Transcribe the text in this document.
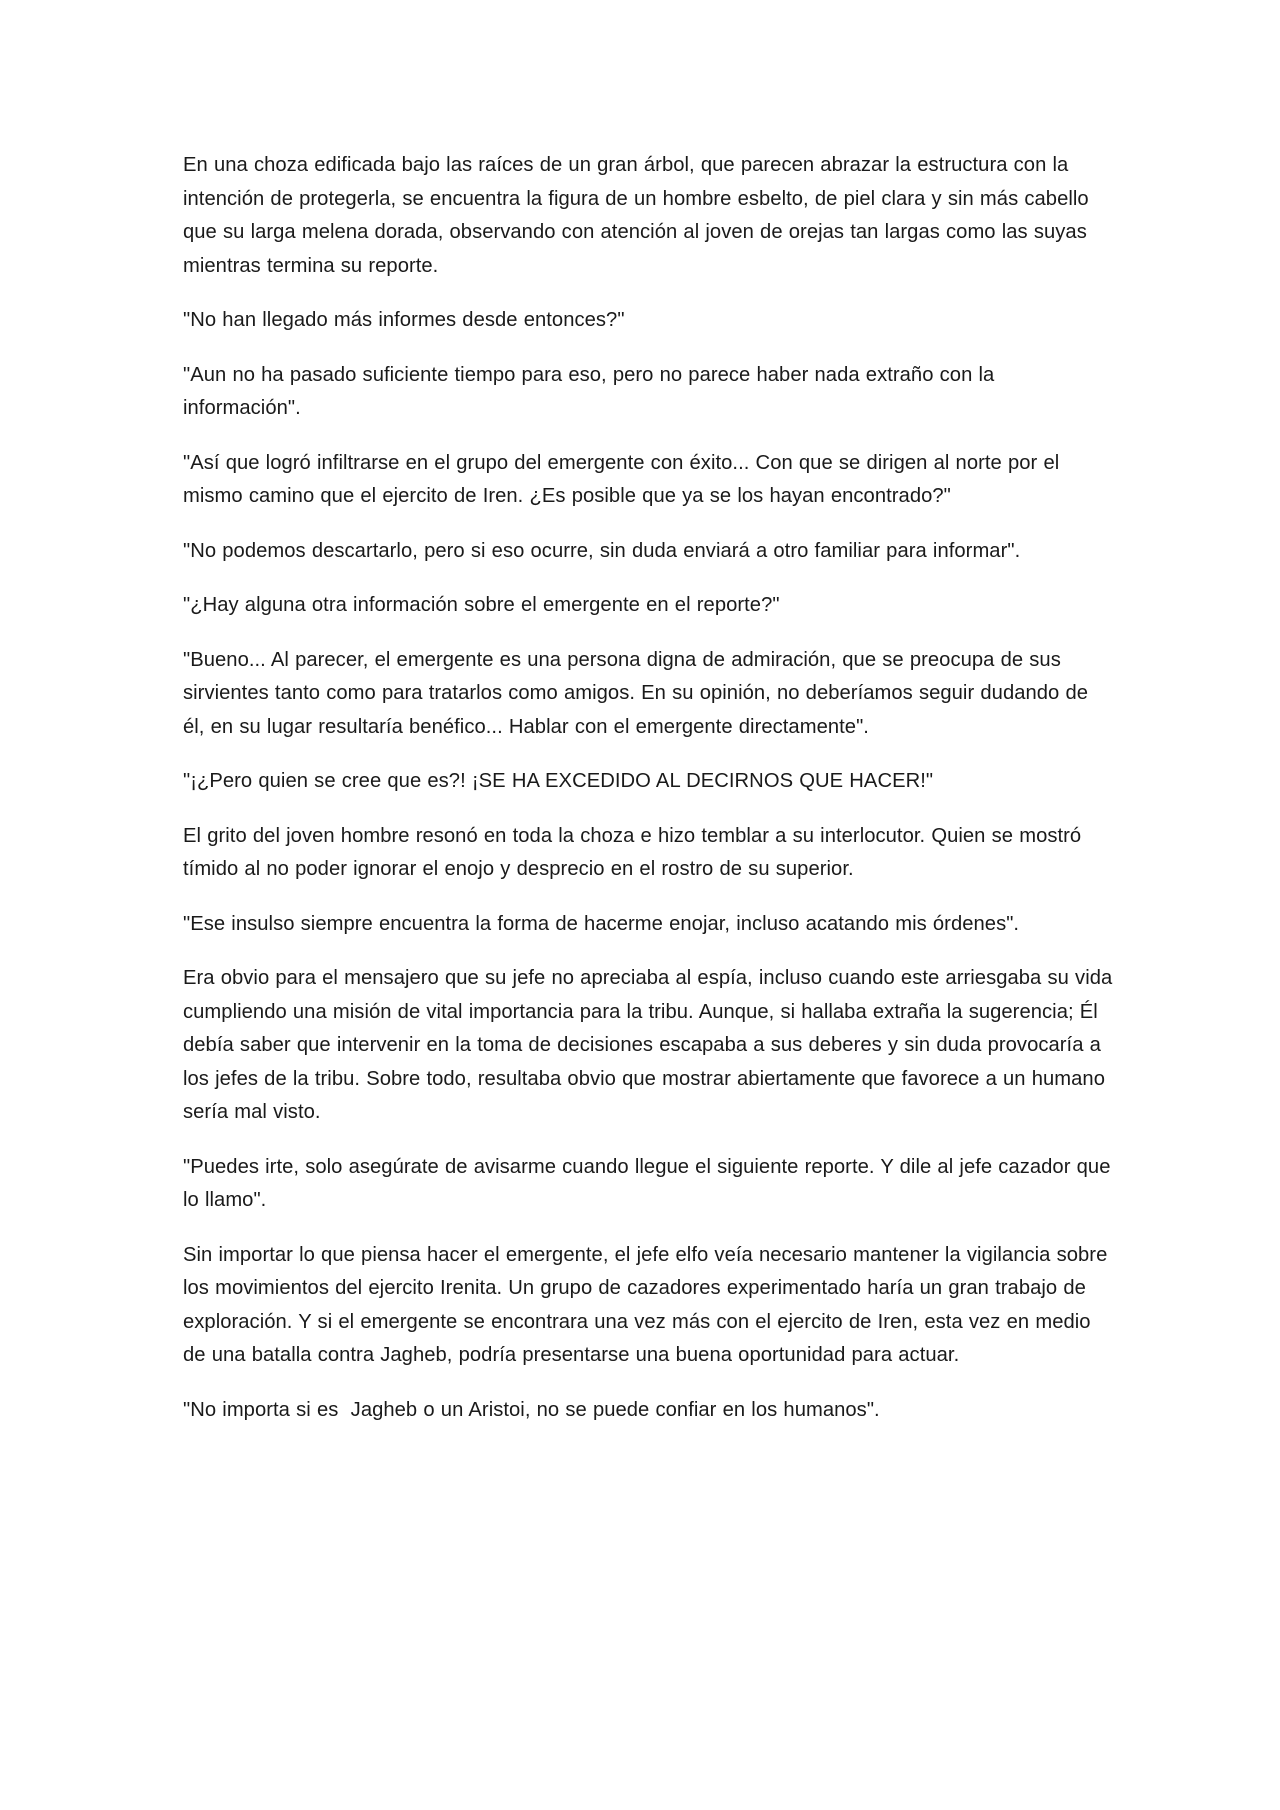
En una choza edificada bajo las raíces de un gran árbol, que parecen abrazar la estructura con la intención de protegerla, se encuentra la figura de un hombre esbelto, de piel clara y sin más cabello que su larga melena dorada, observando con atención al joven de orejas tan largas como las suyas mientras termina su reporte.

"No han llegado más informes desde entonces?"

"Aun no ha pasado suficiente tiempo para eso, pero no parece haber nada extraño con la información".

"Así que logró infiltrarse en el grupo del emergente con éxito... Con que se dirigen al norte por el mismo camino que el ejercito de Iren. ¿Es posible que ya se los hayan encontrado?"

"No podemos descartarlo, pero si eso ocurre, sin duda enviará a otro familiar para informar".

"¿Hay alguna otra información sobre el emergente en el reporte?"

"Bueno... Al parecer, el emergente es una persona digna de admiración, que se preocupa de sus sirvientes tanto como para tratarlos como amigos. En su opinión, no deberíamos seguir dudando de él, en su lugar resultaría benéfico... Hablar con el emergente directamente".

"¡¿Pero quien se cree que es?! ¡SE HA EXCEDIDO AL DECIRNOS QUE HACER!"

El grito del joven hombre resonó en toda la choza e hizo temblar a su interlocutor. Quien se mostró tímido al no poder ignorar el enojo y desprecio en el rostro de su superior.

"Ese insulso siempre encuentra la forma de hacerme enojar, incluso acatando mis órdenes".

Era obvio para el mensajero que su jefe no apreciaba al espía, incluso cuando este arriesgaba su vida cumpliendo una misión de vital importancia para la tribu. Aunque, si hallaba extraña la sugerencia; Él debía saber que intervenir en la toma de decisiones escapaba a sus deberes y sin duda provocaría a los jefes de la tribu. Sobre todo, resultaba obvio que mostrar abiertamente que favorece a un humano sería mal visto.

"Puedes irte, solo asegúrate de avisarme cuando llegue el siguiente reporte. Y dile al jefe cazador que lo llamo".

Sin importar lo que piensa hacer el emergente, el jefe elfo veía necesario mantener la vigilancia sobre los movimientos del ejercito Irenita. Un grupo de cazadores experimentado haría un gran trabajo de exploración. Y si el emergente se encontrara una vez más con el ejercito de Iren, esta vez en medio de una batalla contra Jagheb, podría presentarse una buena oportunidad para actuar.

"No importa si es  Jagheb o un Aristoi, no se puede confiar en los humanos".
